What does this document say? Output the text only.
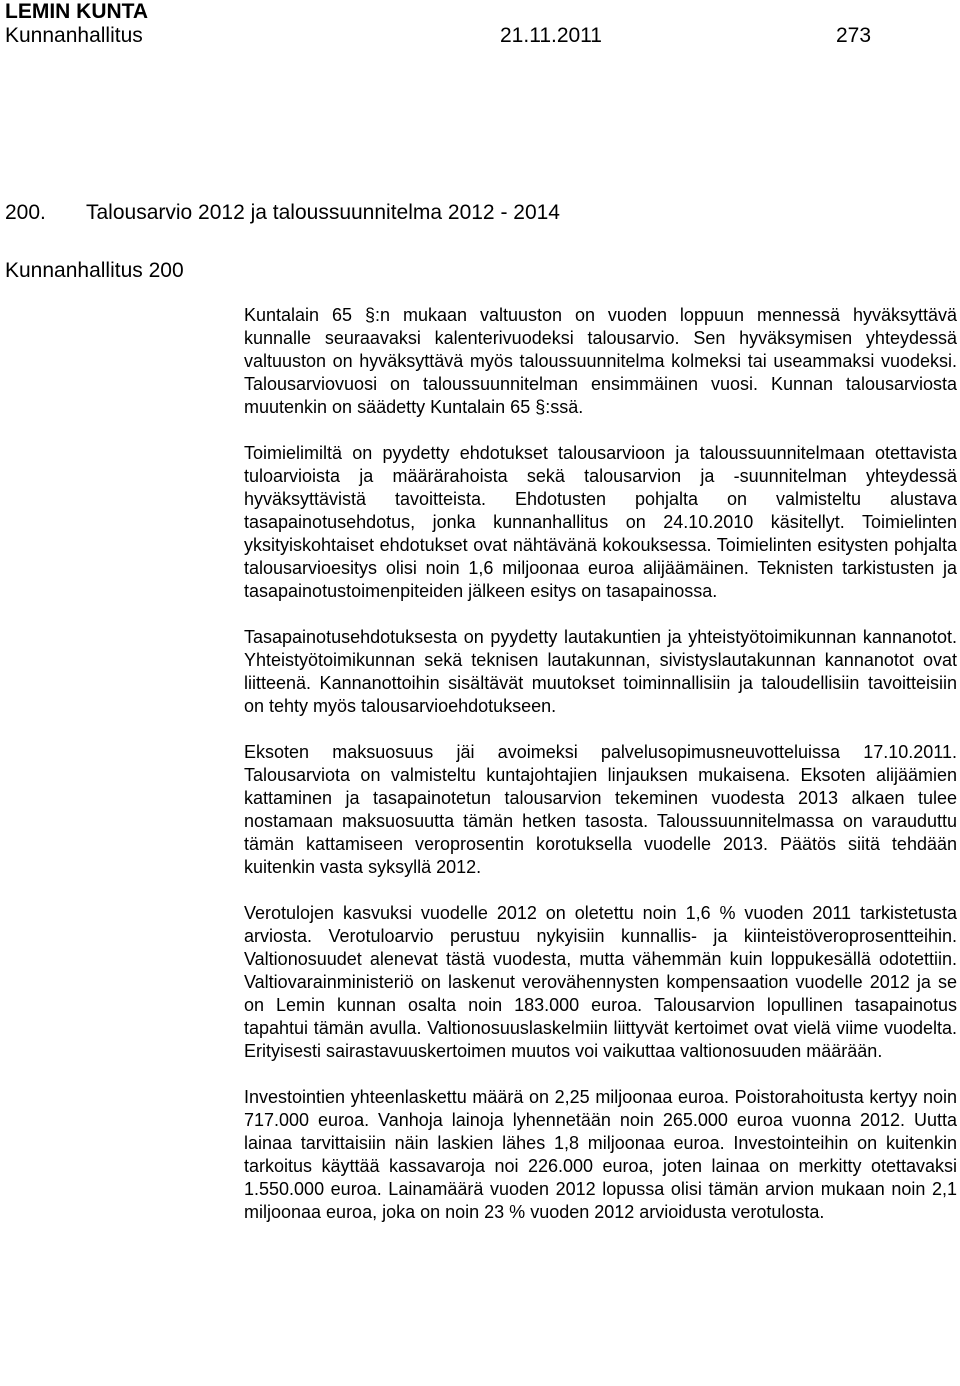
LEMIN KUNTA
Kunnanhallitus	21.11.2011	273
200. Talousarvio 2012 ja taloussuunnitelma 2012 - 2014
Kunnanhallitus 200

Kuntalain 65 §:n mukaan valtuuston on vuoden loppuun mennessä hyväksyttävä kunnalle seuraavaksi kalenterivuodeksi talousarvio. Sen hyväksymisen yhteydessä valtuuston on hyväksyttävä myös taloussuunnitelma kolmeksi tai useammaksi vuodeksi. Talousarviovuosi on taloussuunnitelman ensimmäinen vuosi. Kunnan talousarviosta muutenkin on säädetty Kuntalain 65 §:ssä.

Toimielimiltä on pyydetty ehdotukset talousarvioon ja taloussuunnitelmaan otettavista tuloarvioista ja määrärahoista sekä talousarvion ja -suunnitelman yhteydessä hyväksyttävistä tavoitteista. Ehdotusten pohjalta on valmisteltu alustava tasapainotusehdotus, jonka kunnanhallitus on 24.10.2010 käsitellyt. Toimielinten yksityiskohtaiset ehdotukset ovat nähtävänä kokouksessa. Toimielinten esitysten pohjalta talousarvioesitys olisi noin 1,6 miljoonaa euroa alijäämäinen. Teknisten tarkistusten ja tasapainotustoimenpiteiden jälkeen esitys on tasapainossa.

Tasapainotusehdotuksesta on pyydetty lautakuntien ja yhteistyötoimikunnan kannanotot. Yhteistyötoimikunnan sekä teknisen lautakunnan, sivistyslautakunnan kannanotot ovat liitteenä. Kannanottoihin sisältävät muutokset toiminnallisiin ja taloudellisiin tavoitteisiin on tehty myös talousarvioehdotukseen.

Eksoten maksuosuus jäi avoimeksi palvelusopimusneuvotteluissa 17.10.2011. Talousarviota on valmisteltu kuntajohtajien linjauksen mukaisena. Eksoten alijäämien kattaminen ja tasapainotetun talousarvion tekeminen vuodesta 2013 alkaen tulee nostamaan maksuosuutta tämän hetken tasosta. Taloussuunnitelmassa on varauduttu tämän kattamiseen veroprosentin korotuksella vuodelle 2013. Päätös siitä tehdään kuitenkin vasta syksyllä 2012.

Verotulojen kasvuksi vuodelle 2012 on oletettu noin 1,6 % vuoden 2011 tarkistetusta arviosta. Verotuloarvio perustuu nykyisiin kunnallis- ja kiinteistöveroprosentteihin. Valtionosuudet alenevat tästä vuodesta, mutta vähemmän kuin loppukesällä odotettiin. Valtiovarainministeriö on laskenut verovähennysten kompensaation vuodelle 2012 ja se on Lemin kunnan osalta noin 183.000 euroa. Talousarvion lopullinen tasapainotus tapahtui tämän avulla. Valtionosuuslaskelmiin liittyvät kertoimet ovat vielä viime vuodelta. Erityisesti sairastavuuskertoimen muutos voi vaikuttaa valtionosuuden määrään.

Investointien yhteenlaskettu määrä on 2,25 miljoonaa euroa. Poistorahoitusta kertyy noin 717.000 euroa. Vanhoja lainoja lyhennetään noin 265.000 euroa vuonna 2012. Uutta lainaa tarvittaisiin näin laskien lähes 1,8 miljoonaa euroa. Investointeihin on kuitenkin tarkoitus käyttää kassavaroja noi 226.000 euroa, joten lainaa on merkitty otettavaksi 1.550.000 euroa. Lainamäärä vuoden 2012 lopussa olisi tämän arvion mukaan noin 2,1 miljoonaa euroa, joka on noin 23 % vuoden 2012 arvioidusta verotulosta.
